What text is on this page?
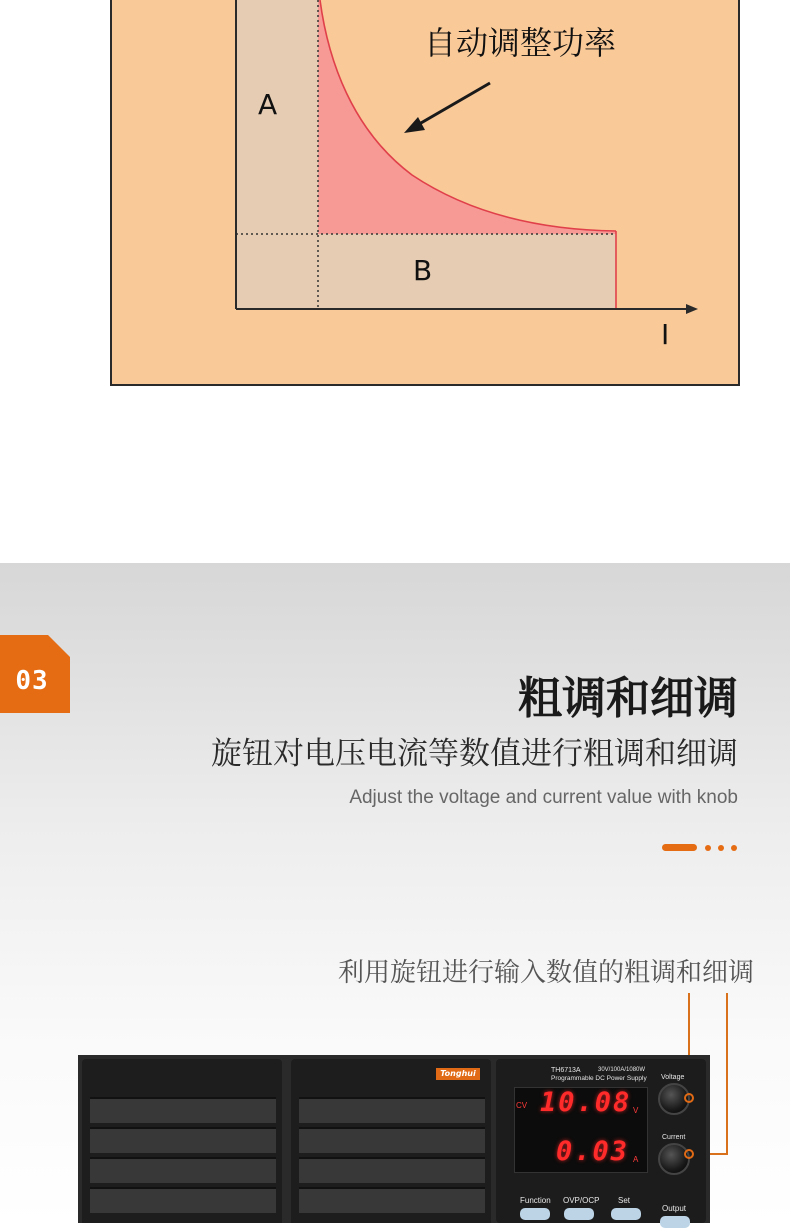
A
B
I
自动调整功率
03	粗调和细调
旋钮对电压电流等数值进行粗调和细调
Adjust the voltage and current value with knob
利用旋钮进行输入数值的粗调和细调
Tonghui	TH6713A	30V/100A/1080W
Programmable DC Power Supply
CV 10.08 V
0.03 A
Voltage
Current
Function OVP/OCP Set
Output
